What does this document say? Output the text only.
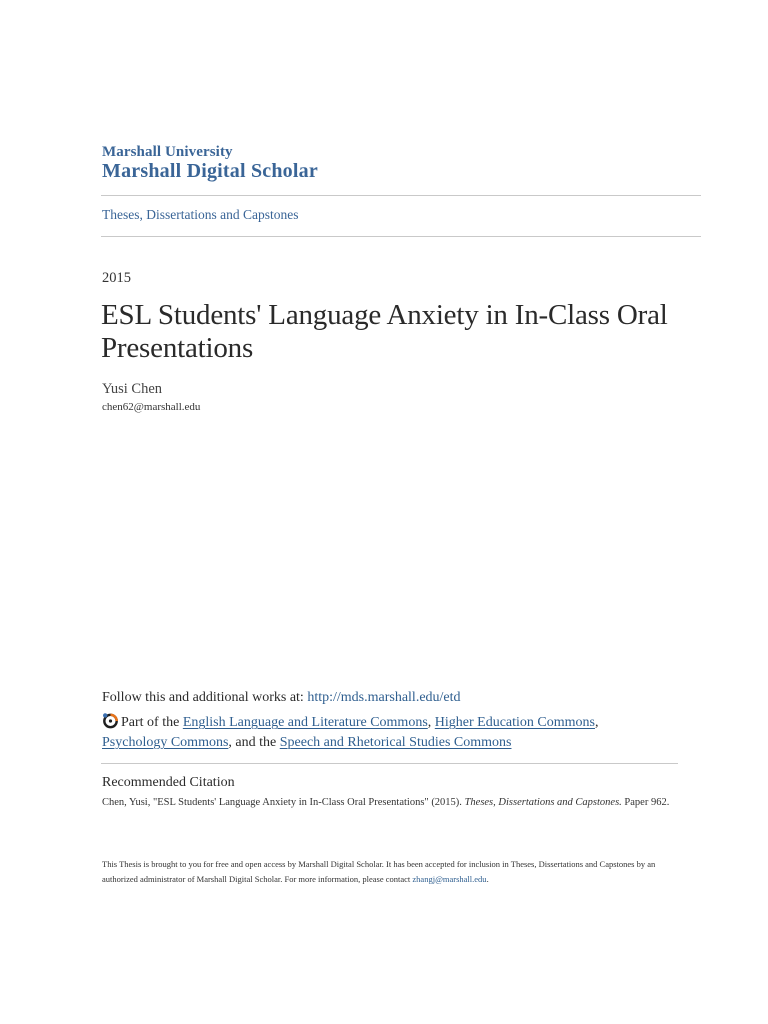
Marshall University
Marshall Digital Scholar
Theses, Dissertations and Capstones
2015
ESL Students' Language Anxiety in In-Class Oral Presentations
Yusi Chen
chen62@marshall.edu
Follow this and additional works at: http://mds.marshall.edu/etd
Part of the English Language and Literature Commons, Higher Education Commons,
Psychology Commons, and the Speech and Rhetorical Studies Commons
Recommended Citation
Chen, Yusi, "ESL Students' Language Anxiety in In-Class Oral Presentations" (2015). Theses, Dissertations and Capstones. Paper 962.
This Thesis is brought to you for free and open access by Marshall Digital Scholar. It has been accepted for inclusion in Theses, Dissertations and Capstones by an authorized administrator of Marshall Digital Scholar. For more information, please contact zhangj@marshall.edu.
